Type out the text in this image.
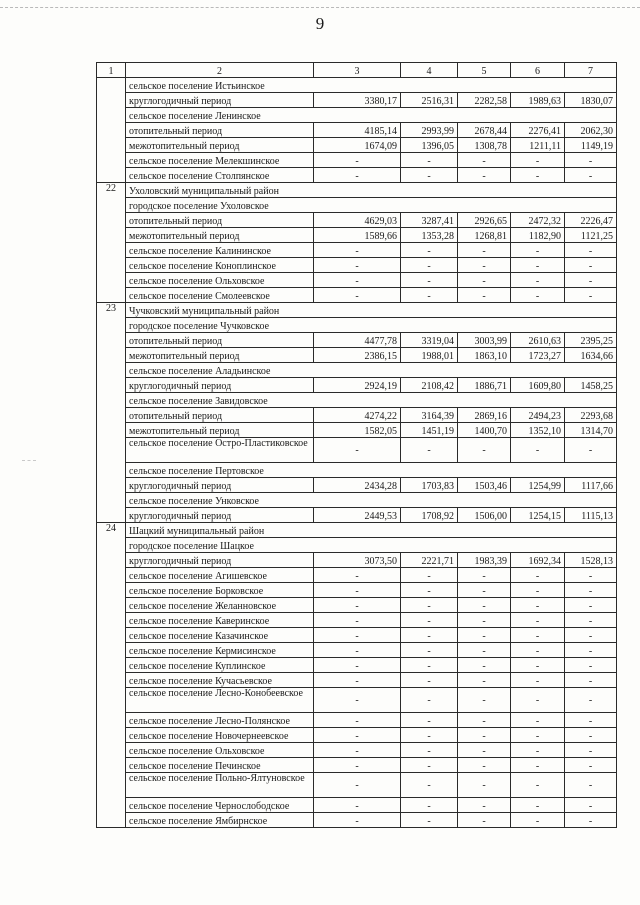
9
1	2	3	4	5	6	7
	сельское поселение Истьинское					
	круглогодичный период	3380,17	2516,31	2282,58	1989,63	1830,07
	сельское поселение Ленинское					
	отопительный период	4185,14	2993,99	2678,44	2276,41	2062,30
	межотопительный период	1674,09	1396,05	1308,78	1211,11	1149,19
	сельское поселение Мелекшинское	-	-	-	-	-
	сельское поселение Столпянское	-	-	-	-	-
22	Ухоловский муниципальный район					
	городское поселение Ухоловское					
	отопительный период	4629,03	3287,41	2926,65	2472,32	2226,47
	межотопительный период	1589,66	1353,28	1268,81	1182,90	1121,25
	сельское поселение Калининское	-	-	-	-	-
	сельское поселение Коноплинское	-	-	-	-	-
	сельское поселение Ольховское	-	-	-	-	-
	сельское поселение Смолеевское	-	-	-	-	-
23	Чучковский муниципальный район					
	городское поселение Чучковское					
	отопительный период	4477,78	3319,04	3003,99	2610,63	2395,25
	межотопительный период	2386,15	1988,01	1863,10	1723,27	1634,66
	сельское поселение Аладьинское					
	круглогодичный период	2924,19	2108,42	1886,71	1609,80	1458,25
	сельское поселение Завидовское					
	отопительный период	4274,22	3164,39	2869,16	2494,23	2293,68
	межотопительный период	1582,05	1451,19	1400,70	1352,10	1314,70
	сельское поселение Остро-Пластиковское	-	-	-	-	-
	сельское поселение Пертовское					
	круглогодичный период	2434,28	1703,83	1503,46	1254,99	1117,66
	сельское поселение Унковское					
	круглогодичный период	2449,53	1708,92	1506,00	1254,15	1115,13
24	Шацкий муниципальный район					
	городское поселение Шацкое					
	круглогодичный период	3073,50	2221,71	1983,39	1692,34	1528,13
	сельское поселение Агишевское	-	-	-	-	-
	сельское поселение Борковское	-	-	-	-	-
	сельское поселение Желанновское	-	-	-	-	-
	сельское поселение Каверинское	-	-	-	-	-
	сельское поселение Казачинское	-	-	-	-	-
	сельское поселение Кермисинское	-	-	-	-	-
	сельское поселение Куплинское	-	-	-	-	-
	сельское поселение Кучасьевское	-	-	-	-	-
	сельское поселение Лесно-Конобеевское	-	-	-	-	-
	сельское поселение Лесно-Полянское	-	-	-	-	-
	сельское поселение Новочернеевское	-	-	-	-	-
	сельское поселение Ольховское	-	-	-	-	-
	сельское поселение Печинское	-	-	-	-	-
	сельское поселение Польно-Ялтуновское	-	-	-	-	-
	сельское поселение Чернослободское	-	-	-	-	-
	сельское поселение Ямбирнское	-	-	-	-	-
